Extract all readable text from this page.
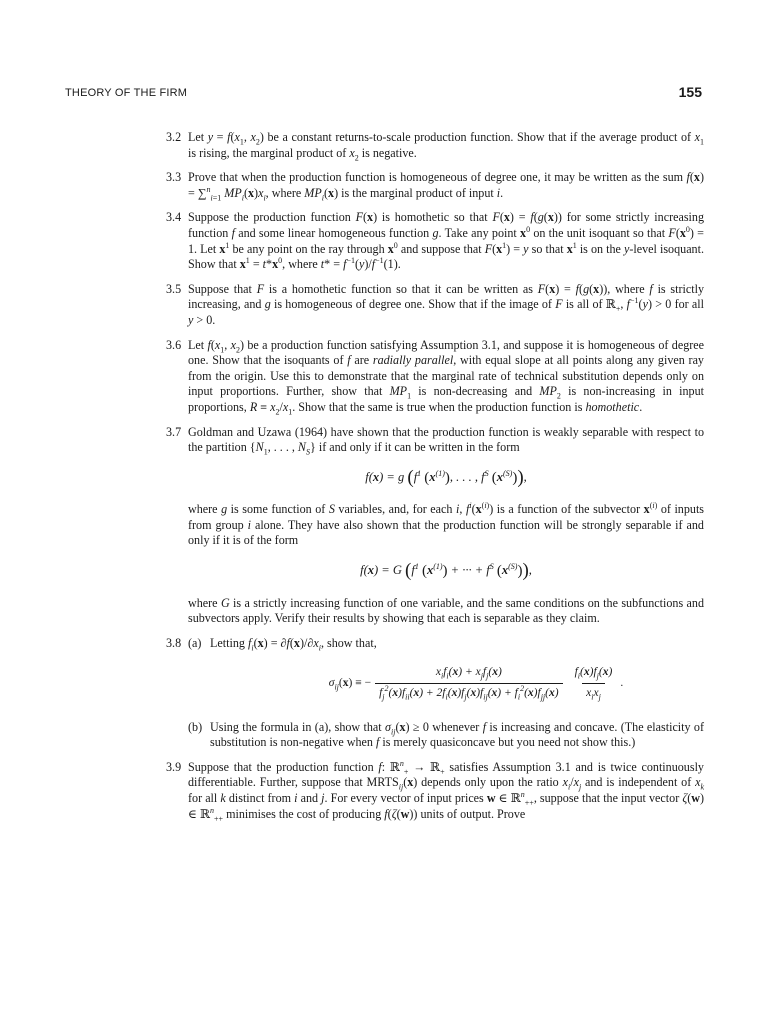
THEORY OF THE FIRM	155
3.2 Let $y = f(x_1$, $x_2$) be a constant returns-to-scale production function. Show that if the average product of $x_1$ is rising, the marginal product of $x_2$ is negative.
3.3 Prove that when the production function is homogeneous of degree one, it may be written as the sum f(x) = ∑$^n_{i=1}$ $MP_i(x)x_i$, where $MP_i(x)$ is the marginal product of input i.
3.4 Suppose the production function F(x) is homothetic so that F(x) = f(g(x)) for some strictly increasing function f and some linear homogeneous function g. Take any point $x^0$ on the unit isoquant so that $F(x^0) = 1$. Let $x^1$ be any point on the ray through $x^0$ and suppose that $F(x^1) = y$ so that $x^1$ is on the y-level isoquant. Show that $x^1 = t*x^0$, where $t* = f^{-1}(y)/f^{-1}(1)$.
3.5 Suppose that F is a homothetic function so that it can be written as F(x) = f(g(x)), where f is strictly increasing, and g is homogeneous of degree one. Show that if the image of F is all of ℝ$_+$, $f^{-1}(y) > 0$ for all y > 0.
3.6 Let $f(x_1$, $x_2$) be a production function satisfying Assumption 3.1, and suppose it is homogeneous of degree one. Show that the isoquants of f are radially parallel, with equal slope at all points along any given ray from the origin. Use this to demonstrate that the marginal rate of technical substitution depends only on input proportions. Further, show that $MP_1$ is non-decreasing and $MP_2$ is non-increasing in input proportions, $R \equiv x_2/x_1$. Show that the same is true when the production function is homothetic.
3.7 Goldman and Uzawa (1964) have shown that the production function is weakly separable with respect to the partition {$N_1$, . . . , $N_S$} if and only if it can be written in the form
f(x) = g ($f^1$ $(x^{(1)})$, . . . , $f^S$ $(x^{(S)})$),
where g is some function of S variables, and, for each i, $f^i(x^{(i)})$ is a function of the subvector $x^{(i)}$ of inputs from group i alone. They have also shown that the production function will be strongly separable if and only if it is of the form
f(x) = G ($f^1$ $(x^{(1)})$ + ··· + $f^S$ $(x^{(S)})$),
where G is a strictly increasing function of one variable, and the same conditions on the subfunctions and subvectors apply. Verify their results by showing that each is separable as they claim.
3.8 (a) Letting $f_i(x) = \partial f(x)/\partial x_i$, show that,
$\sigma_{ij}(x)$ ≡ − $\frac{x_if_i(x) + x_jf_j(x)}{f_j^2(x)f_{ii}(x) + 2f_i(x)f_j(x)f_{ij}(x) + f_i^2(x)f_{jj}(x)} \frac{f_i(x)f_j(x)}{x_ix_j}$ .
(b) Using the formula in (a), show that $\sigma_{ij}(x) \ge 0$ whenever f is increasing and concave. (The elasticity of substitution is non-negative when f is merely quasiconcave but you need not show this.)
3.9 Suppose that the production function f: ℝ$^n_+$ → ℝ$_+$ satisfies Assumption 3.1 and is twice continuously differentiable. Further, suppose that $MRTS_{ij}(x)$ depends only upon the ratio $x_i/x_j$ and is independent of $x_k$ for all k distinct from i and j. For every vector of input prices w ∈ ℝ$^n_{++}$, suppose that the input vector ζ(w) ∈ ℝ$^n_{++}$ minimises the cost of producing f(ζ(w)) units of output. Prove
